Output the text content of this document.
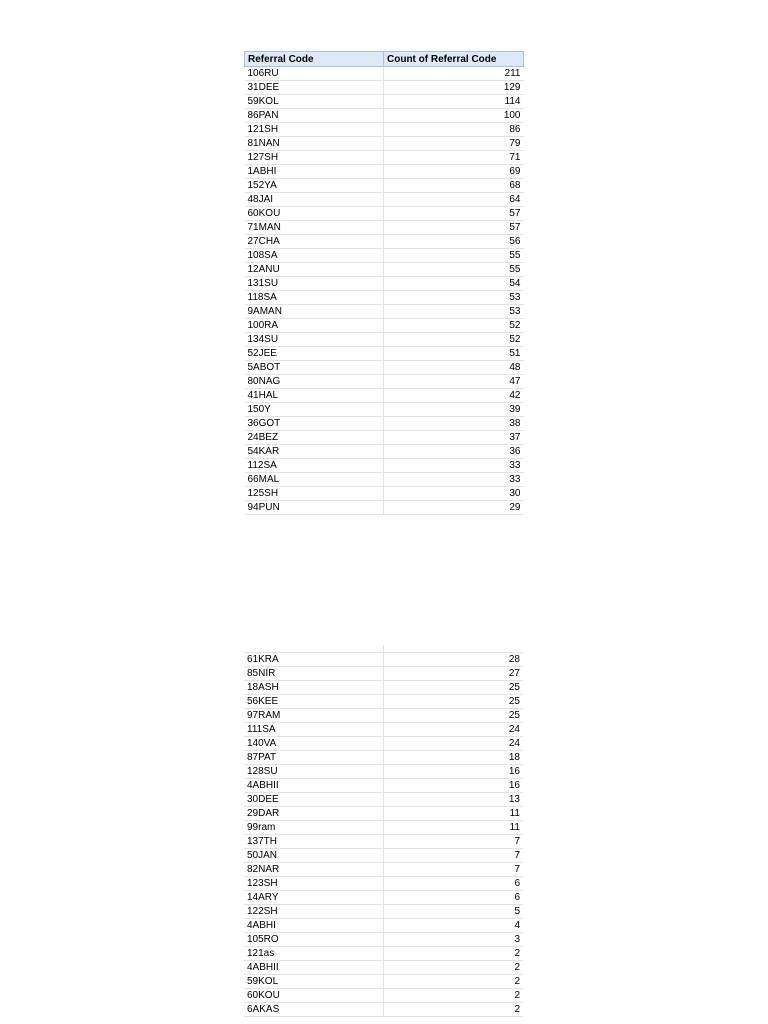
Referral Code	Count of Referral Code
106RU	211
31DEE	129
59KOL	114
86PAN	100
121SH	86
81NAN	79
127SH	71
1ABHI	69
152YA	68
48JAI	64
60KOU	57
71MAN	57
27CHA	56
108SA	55
12ANU	55
131SU	54
118SA	53
9AMAN	53
100RA	52
134SU	52
52JEE	51
5ABOT	48
80NAG	47
41HAL	42
150Y	39
36GOT	38
24BEZ	37
54KAR	36
112SA	33
66MAL	33
125SH	30
94PUN	29

61KRA	28
85NIR	27
18ASH	25
56KEE	25
97RAM	25
111SA	24
140VA	24
87PAT	18
128SU	16
4ABHII	16
30DEE	13
29DAR	11
99ram	11
137TH	7
50JAN	7
82NAR	7
123SH	6
14ARY	6
122SH	5
4ABHI	4
105RO	3
121as	2
4ABHII	2
59KOL	2
60KOU	2
6AKAS	2
